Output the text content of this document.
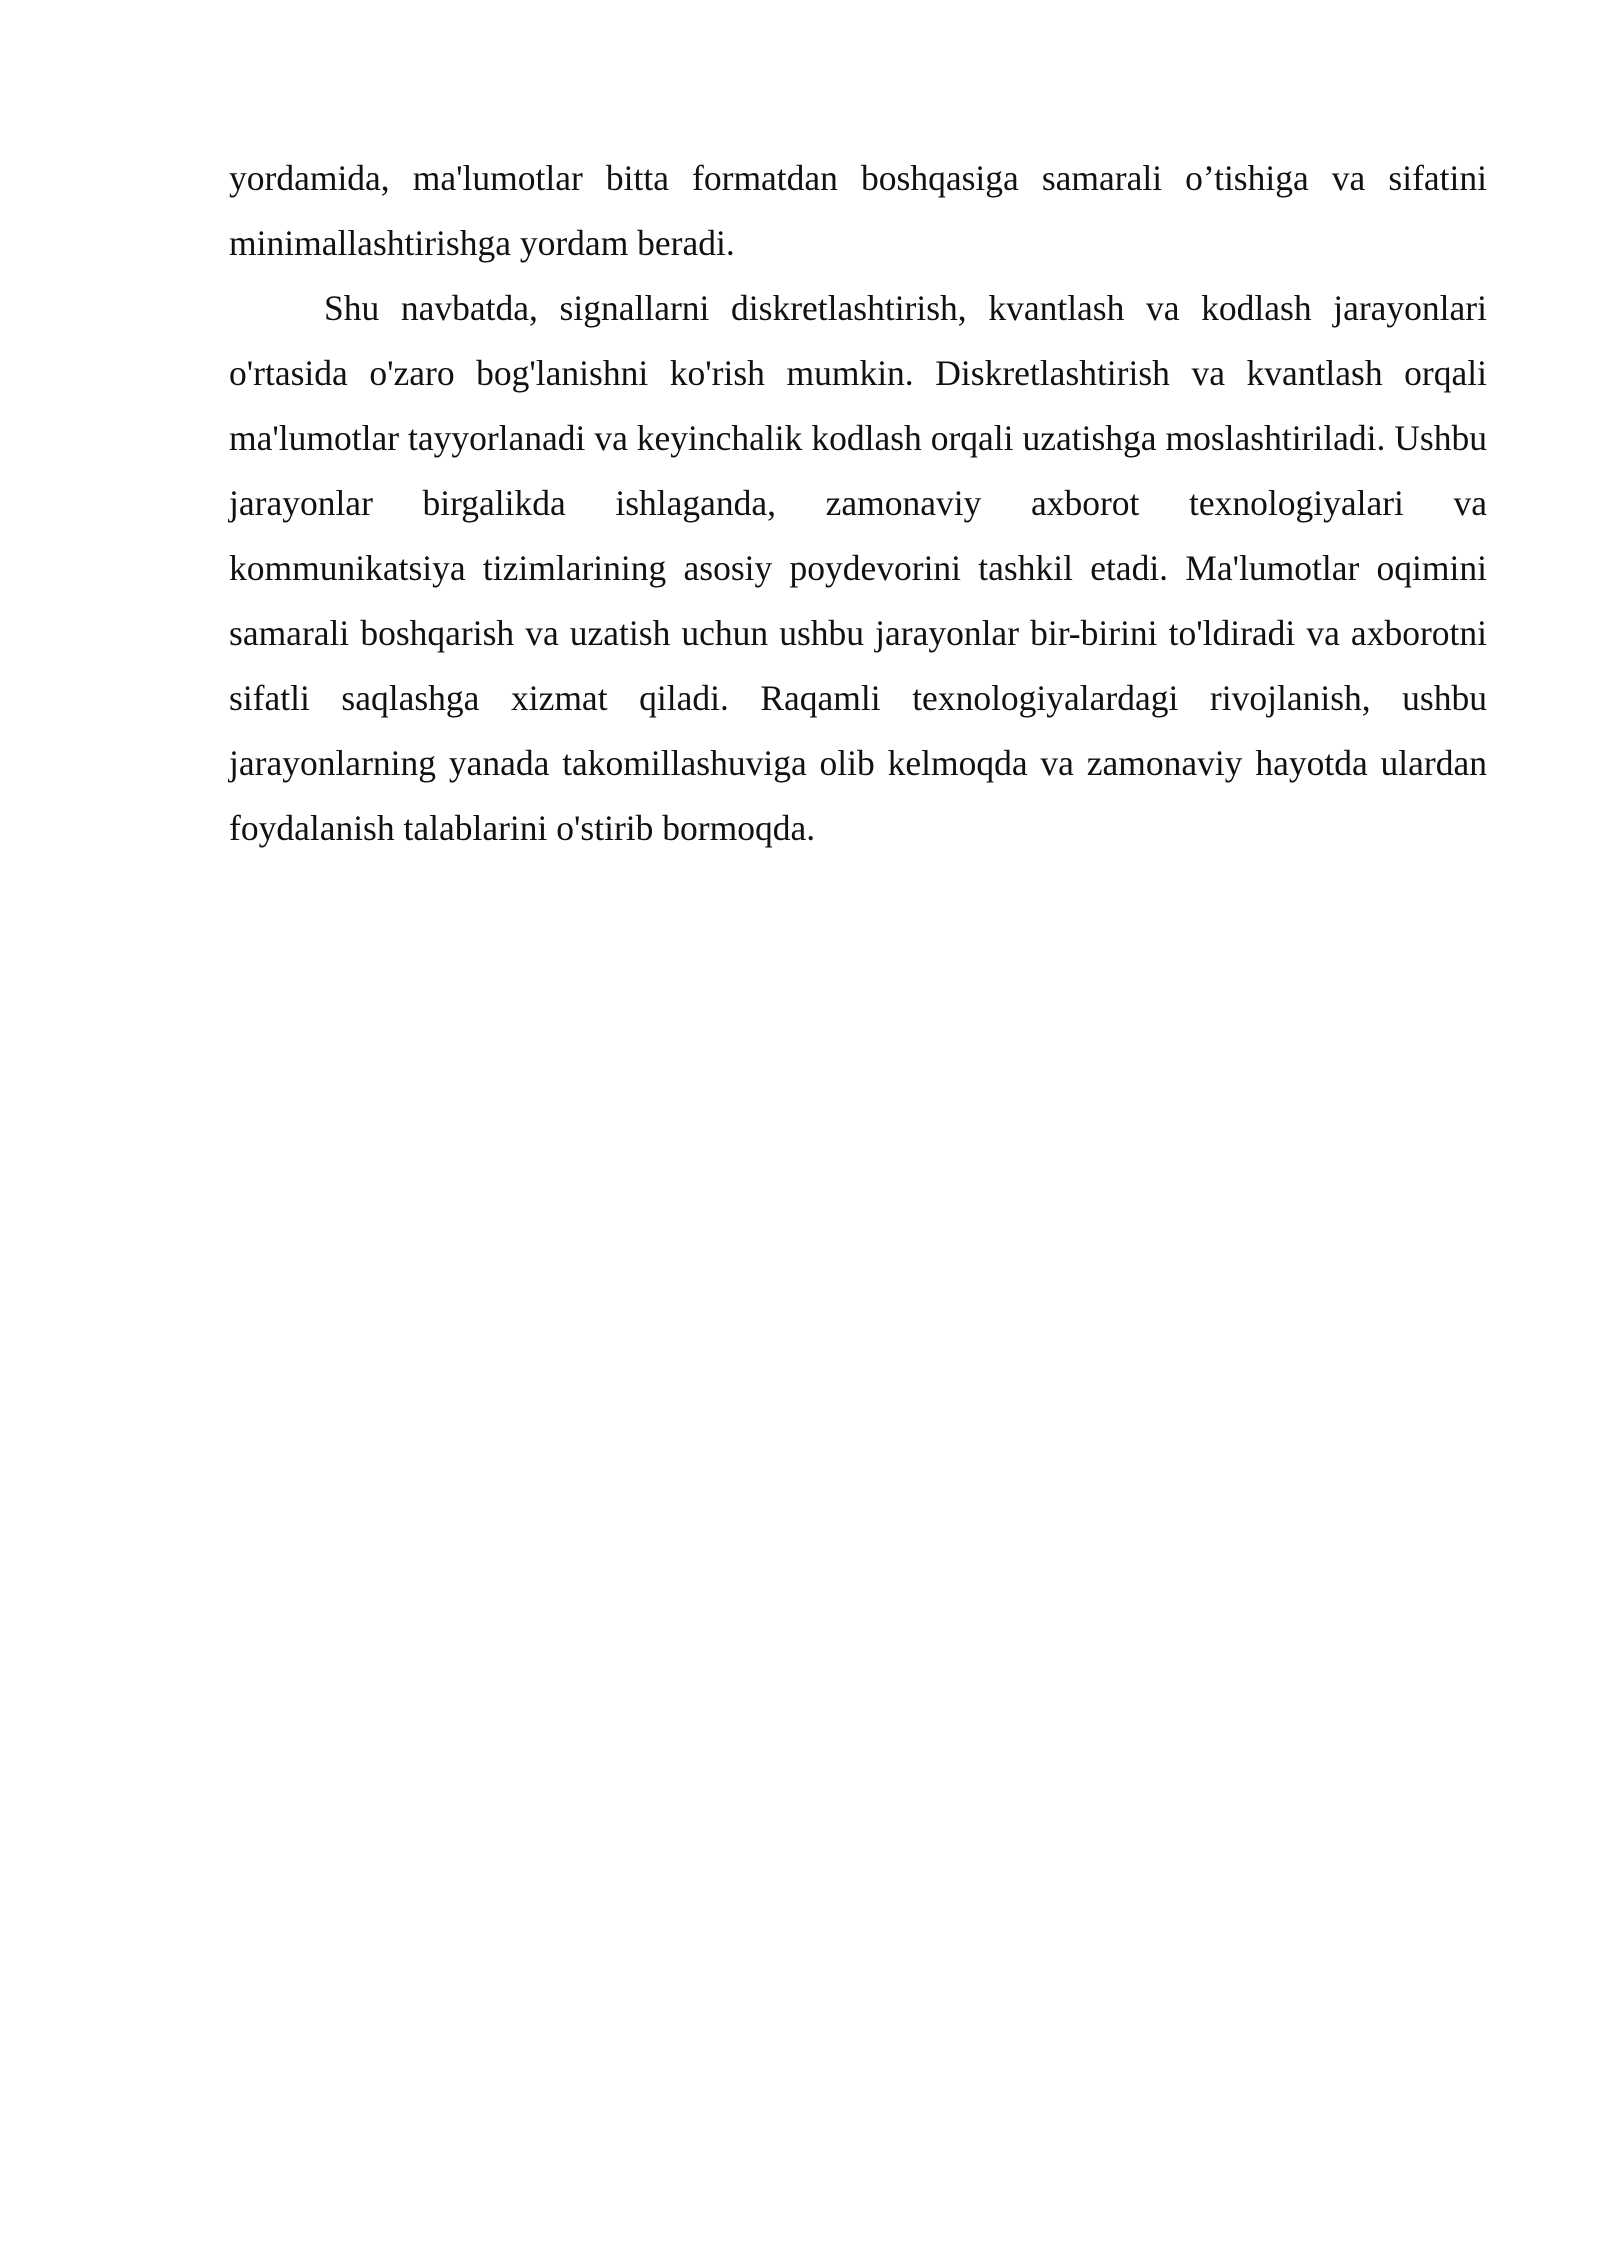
yordamida, ma'lumotlar bitta formatdan boshqasiga samarali o’tishiga va sifatini minimallashtirishga yordam beradi.

Shu navbatda, signallarni diskretlashtirish, kvantlash va kodlash jarayonlari o'rtasida o'zaro bog'lanishni ko'rish mumkin. Diskretlashtirish va kvantlash orqali ma'lumotlar tayyorlanadi va keyinchalik kodlash orqali uzatishga moslashtiriladi. Ushbu jarayonlar birgalikda ishlaganda, zamonaviy axborot texnologiyalari va kommunikatsiya tizimlarining asosiy poydevorini tashkil etadi. Ma'lumotlar oqimini samarali boshqarish va uzatish uchun ushbu jarayonlar bir-birini to'ldiradi va axborotni sifatli saqlashga xizmat qiladi. Raqamli texnologiyalardagi rivojlanish, ushbu jarayonlarning yanada takomillashuviga olib kelmoqda va zamonaviy hayotda ulardan foydalanish talablarini o'stirib bormoqda.
